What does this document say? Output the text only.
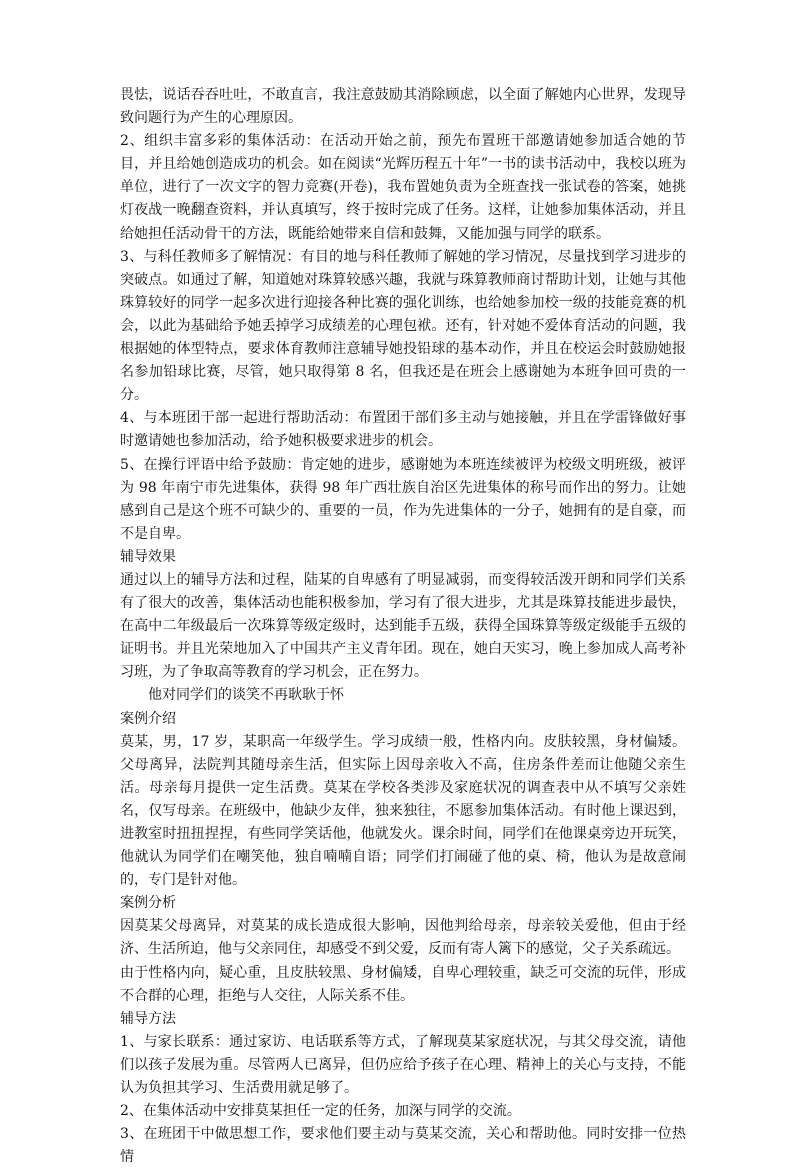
畏怯，说话吞吞吐吐，不敢直言，我注意鼓励其消除顾虑，以全面了解她内心世界，发现导致问题行为产生的心理原因。

2、组织丰富多彩的集体活动：在活动开始之前，预先布置班干部邀请她参加适合她的节目，并且给她创造成功的机会。如在阅读“光辉历程五十年”一书的读书活动中，我校以班为单位，进行了一次文字的智力竞赛(开卷)，我布置她负责为全班查找一张试卷的答案，她挑灯夜战一晚翻查资料，并认真填写，终于按时完成了任务。这样，让她参加集体活动，并且给她担任活动骨干的方法，既能给她带来自信和鼓舞，又能加强与同学的联系。

3、与科任教师多了解情况：有目的地与科任教师了解她的学习情况，尽量找到学习进步的突破点。如通过了解，知道她对珠算较感兴趣，我就与珠算教师商讨帮助计划，让她与其他珠算较好的同学一起多次进行迎接各种比赛的强化训练，也给她参加校一级的技能竞赛的机会，以此为基础给予她丢掉学习成绩差的心理包袱。还有，针对她不爱体育活动的问题，我根据她的体型特点，要求体育教师注意辅导她投铅球的基本动作，并且在校运会时鼓励她报名参加铅球比赛，尽管，她只取得第 8 名，但我还是在班会上感谢她为本班争回可贵的一分。

4、与本班团干部一起进行帮助活动：布置团干部们多主动与她接触，并且在学雷锋做好事时邀请她也参加活动，给予她积极要求进步的机会。

5、在操行评语中给予鼓励：肯定她的进步，感谢她为本班连续被评为校级文明班级，被评为 98 年南宁市先进集体，获得 98 年广西壮族自治区先进集体的称号而作出的努力。让她感到自己是这个班不可缺少的、重要的一员，作为先进集体的一分子，她拥有的是自豪，而不是自卑。

辅导效果

通过以上的辅导方法和过程，陆某的自卑感有了明显减弱，而变得较活泼开朗和同学们关系有了很大的改善，集体活动也能积极参加，学习有了很大进步，尤其是珠算技能进步最快，在高中二年级最后一次珠算等级定级时，达到能手五级，获得全国珠算等级定级能手五级的证明书。并且光荣地加入了中国共产主义青年团。现在，她白天实习，晚上参加成人高考补习班，为了争取高等教育的学习机会，正在努力。

他对同学们的谈笑不再耿耿于怀

案例介绍

莫某，男，17 岁，某职高一年级学生。学习成绩一般，性格内向。皮肤较黑，身材偏矮。父母离异，法院判其随母亲生活，但实际上因母亲收入不高，住房条件差而让他随父亲生活。母亲每月提供一定生活费。莫某在学校各类涉及家庭状况的调查表中从不填写父亲姓名，仅写母亲。在班级中，他缺少友伴，独来独往，不愿参加集体活动。有时他上课迟到，进教室时扭扭捏捏，有些同学笑话他，他就发火。课余时间，同学们在他课桌旁边开玩笑，他就认为同学们在嘲笑他，独自喃喃自语；同学们打闹碰了他的桌、椅，他认为是故意闹的，专门是针对他。

案例分析

因莫某父母离异，对莫某的成长造成很大影响，因他判给母亲，母亲较关爱他，但由于经济、生活所迫，他与父亲同住，却感受不到父爱，反而有寄人篱下的感觉，父子关系疏远。

由于性格内向，疑心重，且皮肤较黑、身材偏矮，自卑心理较重，缺乏可交流的玩伴，形成不合群的心理，拒绝与人交往，人际关系不佳。

辅导方法

1、与家长联系：通过家访、电话联系等方式，了解现莫某家庭状况，与其父母交流，请他们以孩子发展为重。尽管两人已离异，但仍应给予孩子在心理、精神上的关心与支持，不能认为负担其学习、生活费用就足够了。

2、在集体活动中安排莫某担任一定的任务，加深与同学的交流。

3、在班团干中做思想工作，要求他们要主动与莫某交流，关心和帮助他。同时安排一位热情
